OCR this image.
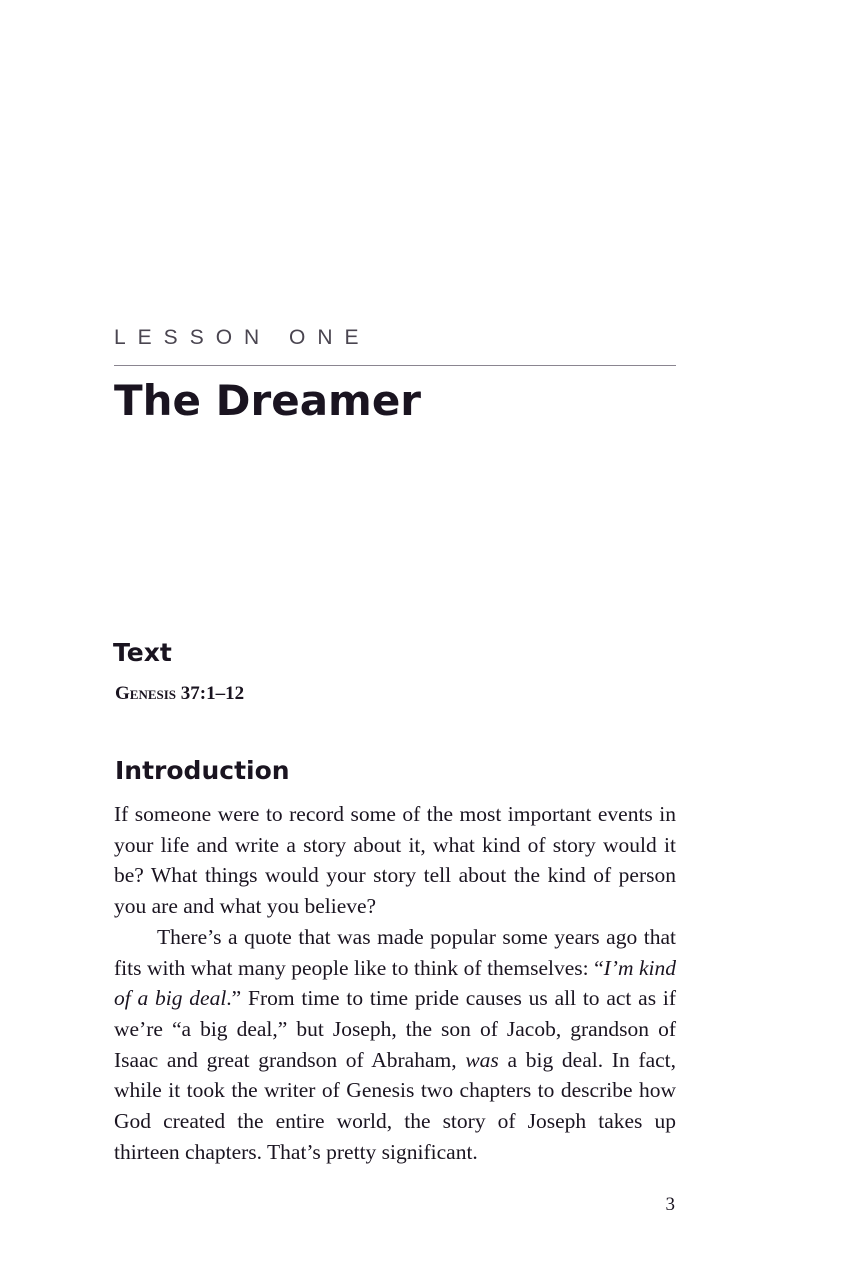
LESSON ONE
The Dreamer
Text
Genesis 37:1–12
Introduction

If someone were to record some of the most important events in your life and write a story about it, what kind of story would it be? What things would your story tell about the kind of person you are and what you believe?

There’s a quote that was made popular some years ago that fits with what many people like to think of themselves: “I’m kind of a big deal.” From time to time pride causes us all to act as if we’re “a big deal,” but Joseph, the son of Jacob, grandson of Isaac and great grandson of Abraham, was a big deal. In fact, while it took the writer of Genesis two chapters to describe how God created the entire world, the story of Joseph takes up thirteen chapters. That’s pretty significant.

3
